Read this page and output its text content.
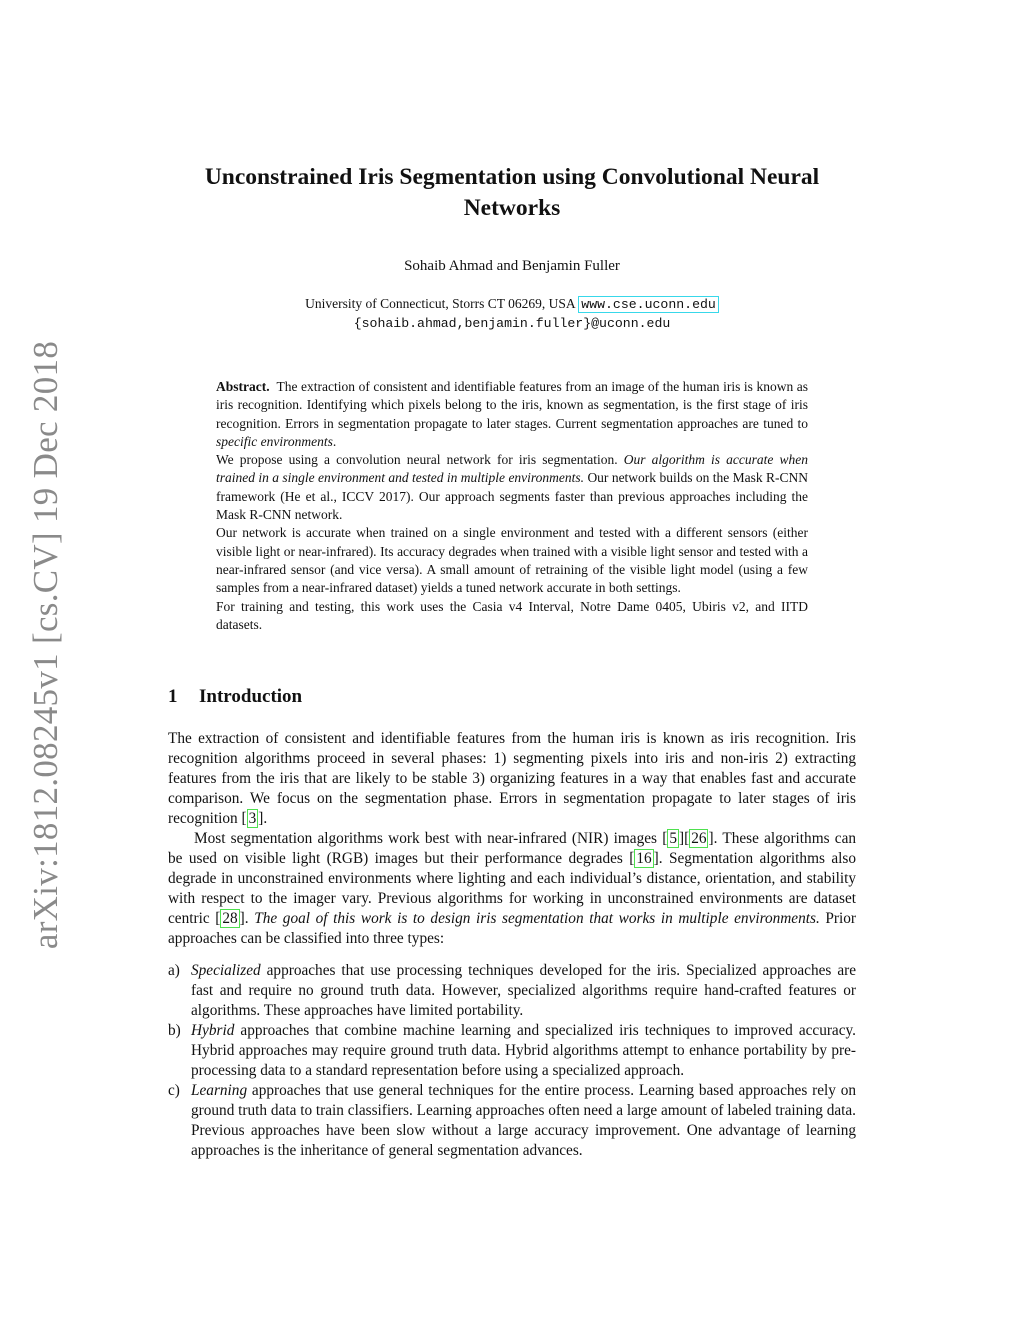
arXiv:1812.08245v1 [cs.CV] 19 Dec 2018
Unconstrained Iris Segmentation using Convolutional Neural Networks
Sohaib Ahmad and Benjamin Fuller
University of Connecticut, Storrs CT 06269, USA www.cse.uconn.edu
{sohaib.ahmad,benjamin.fuller}@uconn.edu

Abstract. The extraction of consistent and identifiable features from an image of the human iris is known as iris recognition. Identifying which pixels belong to the iris, known as segmentation, is the first stage of iris recognition. Errors in segmentation propagate to later stages. Current segmentation approaches are tuned to specific environments.

We propose using a convolution neural network for iris segmentation. Our algorithm is accurate when trained in a single environment and tested in multiple environments. Our network builds on the Mask R-CNN framework (He et al., ICCV 2017). Our approach segments faster than previous approaches including the Mask R-CNN network.

Our network is accurate when trained on a single environment and tested with a different sensors (either visible light or near-infrared). Its accuracy degrades when trained with a visible light sensor and tested with a near-infrared sensor (and vice versa). A small amount of retraining of the visible light model (using a few samples from a near-infrared dataset) yields a tuned network accurate in both settings.

For training and testing, this work uses the Casia v4 Interval, Notre Dame 0405, Ubiris v2, and IITD datasets.

1 Introduction

The extraction of consistent and identifiable features from the human iris is known as iris recognition. Iris recognition algorithms proceed in several phases: 1) segmenting pixels into iris and non-iris 2) extracting features from the iris that are likely to be stable 3) organizing features in a way that enables fast and accurate comparison. We focus on the segmentation phase. Errors in segmentation propagate to later stages of iris recognition [ 3 ].

Most segmentation algorithms work best with near-infrared (NIR) images [ 5 ][ 26 ]. These algorithms can be used on visible light (RGB) images but their performance degrades [ 16 ]. Segmentation algorithms also degrade in unconstrained environments where lighting and each individual’s distance, orientation, and stability with respect to the imager vary. Previous algorithms for working in unconstrained environments are dataset centric [ 28 ]. The goal of this work is to design iris segmentation that works in multiple environments. Prior approaches can be classified into three types:

a) Specialized approaches that use processing techniques developed for the iris. Specialized approaches are fast and require no ground truth data. However, specialized algorithms require hand-crafted features or algorithms. These approaches have limited portability.
b) Hybrid approaches that combine machine learning and specialized iris techniques to improved accuracy. Hybrid approaches may require ground truth data. Hybrid algorithms attempt to enhance portability by pre-processing data to a standard representation before using a specialized approach.
c) Learning approaches that use general techniques for the entire process. Learning based approaches rely on ground truth data to train classifiers. Learning approaches often need a large amount of labeled training data. Previous approaches have been slow without a large accuracy improvement. One advantage of learning approaches is the inheritance of general segmentation advances.
